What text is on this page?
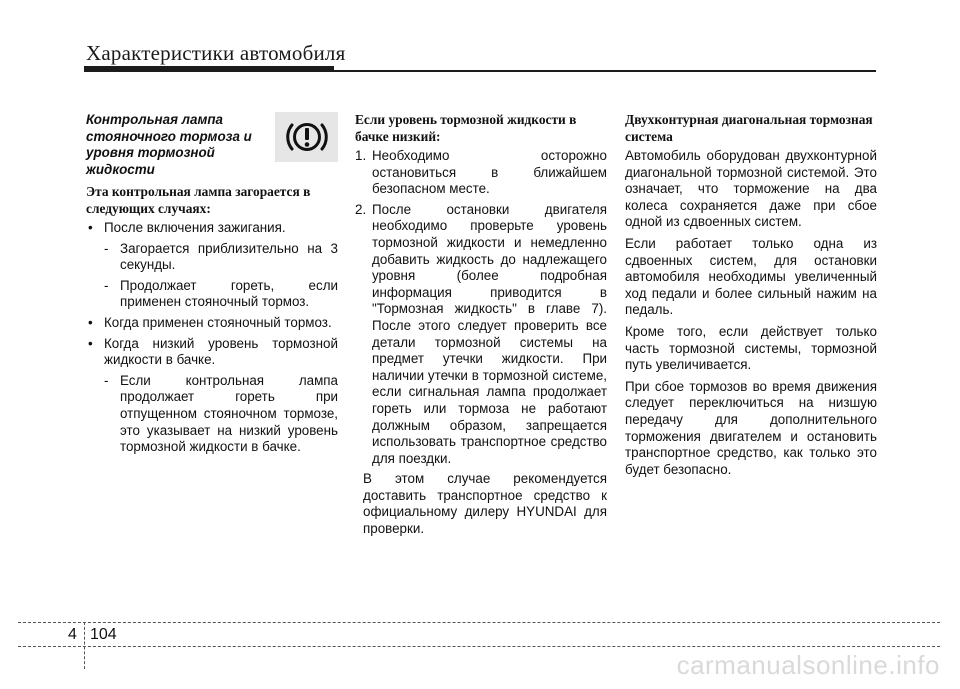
Характеристики автомобиля
Контрольная лампа стояночного тормоза и уровня тормозной жидкости
Эта контрольная лампа загорается в следующих случаях:
• После включения зажигания.
- Загорается приблизительно на 3 секунды.
- Продолжает гореть, если применен стояночный тормоз.
• Когда применен стояночный тормоз.
• Когда низкий уровень тормозной жидкости в бачке.
- Если контрольная лампа продолжает гореть при отпущенном стояночном тормозе, это указывает на низкий уровень тормозной жидкости в бачке.
Если уровень тормозной жидкости в бачке низкий:
1. Необходимо осторожно остановиться в ближайшем безопасном месте.
2. После остановки двигателя необходимо проверьте уровень тормозной жидкости и немедленно добавить жидкость до надлежащего уровня (более подробная информация приводится в "Тормозная жидкость" в главе 7). После этого следует проверить все детали тормозной системы на предмет утечки жидкости. При наличии утечки в тормозной системе, если сигнальная лампа продолжает гореть или тормоза не работают должным образом, запрещается использовать транспортное средство для поездки.

В этом случае рекомендуется доставить транспортное средство к официальному дилеру HYUNDAI для проверки.

Двухконтурная диагональная тормозная система

Автомобиль оборудован двухконтурной диагональной тормозной системой. Это означает, что торможение на два колеса сохраняется даже при сбое одной из сдвоенных систем.

Если работает только одна из сдвоенных систем, для остановки автомобиля необходимы увеличенный ход педали и более сильный нажим на педаль.

Кроме того, если действует только часть тормозной системы, тормозной путь увеличивается.

При сбое тормозов во время движения следует переключиться на низшую передачу для дополнительного торможения двигателем и остановить транспортное средство, как только это будет безопасно.

4 104
carmanualsonline.info
